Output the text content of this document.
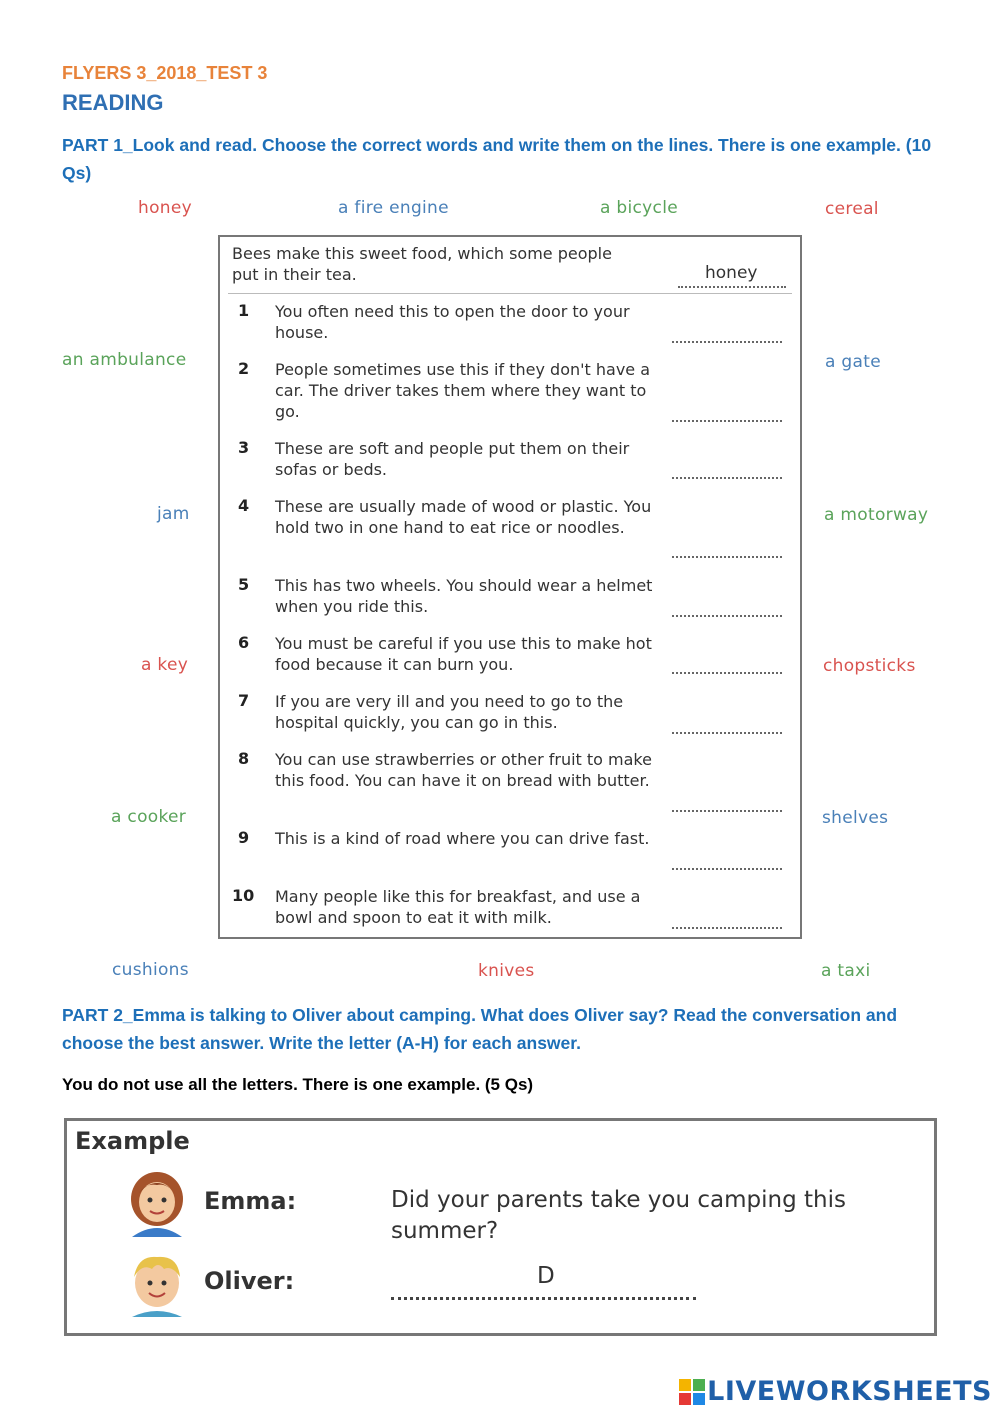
FLYERS 3_2018_TEST 3
READING
PART 1_Look and read. Choose the correct words and write them on the lines. There is one example. (10 Qs)
honey	a fire engine	a bicycle	cereal
an ambulance	a gate
jam	a motorway
a key	chopsticks
a cooker	shelves
cushions	knives	a taxi
Bees make this sweet food, which some people put in their tea.	honey
1	You often need this to open the door to your house.
2	People sometimes use this if they don't have a car. The driver takes them where they want to go.
3	These are soft and people put them on their sofas or beds.
4	These are usually made of wood or plastic. You hold two in one hand to eat rice or noodles.
5	This has two wheels. You should wear a helmet when you ride this.
6	You must be careful if you use this to make hot food because it can burn you.
7	If you are very ill and you need to go to the hospital quickly, you can go in this.
8	You can use strawberries or other fruit to make this food. You can have it on bread with butter.
9	This is a kind of road where you can drive fast.
10	Many people like this for breakfast, and use a bowl and spoon to eat it with milk.
PART 2_Emma is talking to Oliver about camping. What does Oliver say? Read the conversation and choose the best answer. Write the letter (A-H) for each answer.
You do not use all the letters. There is one example. (5 Qs)
Example
Emma:	Did your parents take you camping this summer?
Oliver:	D
LIVEWORKSHEETS
